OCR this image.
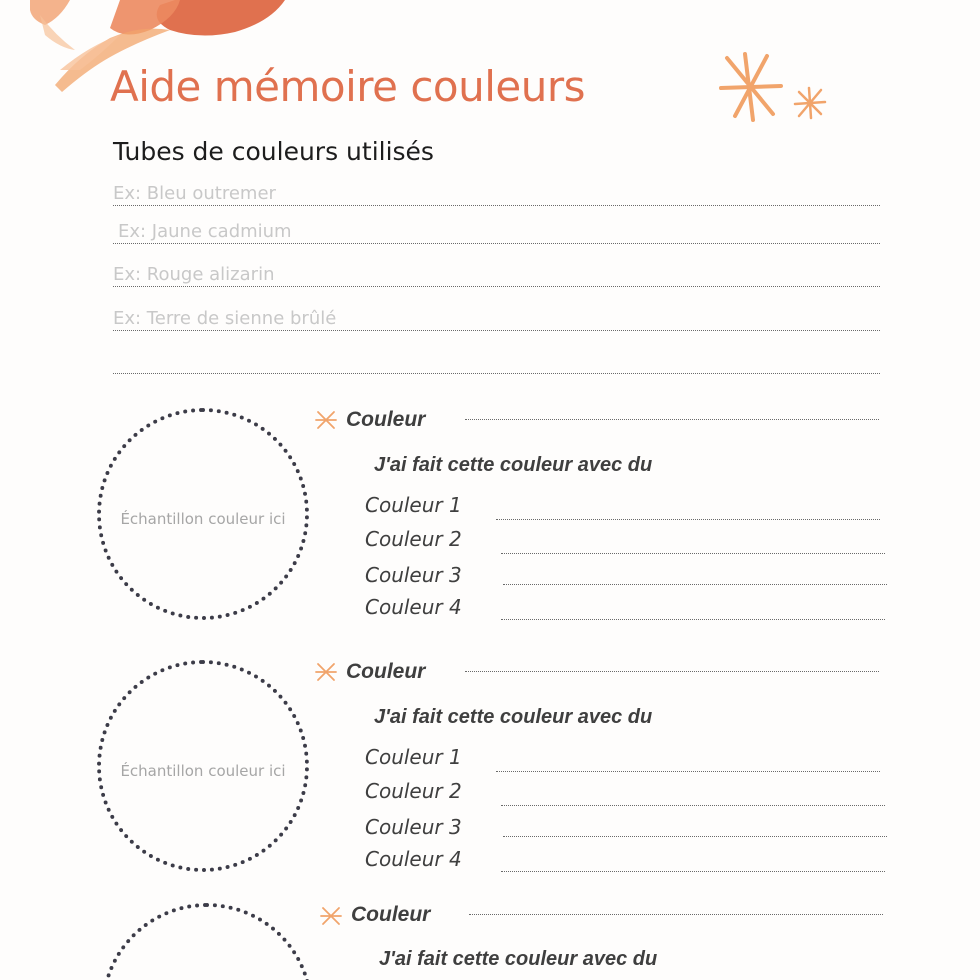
Aide mémoire couleurs
Tubes de couleurs utilisés
Ex: Bleu outremer
Ex: Jaune cadmium
Ex: Rouge alizarin
Ex: Terre de sienne brûlé
Échantillon couleur ici
Couleur
J'ai fait cette couleur avec du
Couleur 1
Couleur 2
Couleur 3
Couleur 4
Échantillon couleur ici
Couleur
J'ai fait cette couleur avec du
Couleur 1
Couleur 2
Couleur 3
Couleur 4
Couleur
J'ai fait cette couleur avec du
